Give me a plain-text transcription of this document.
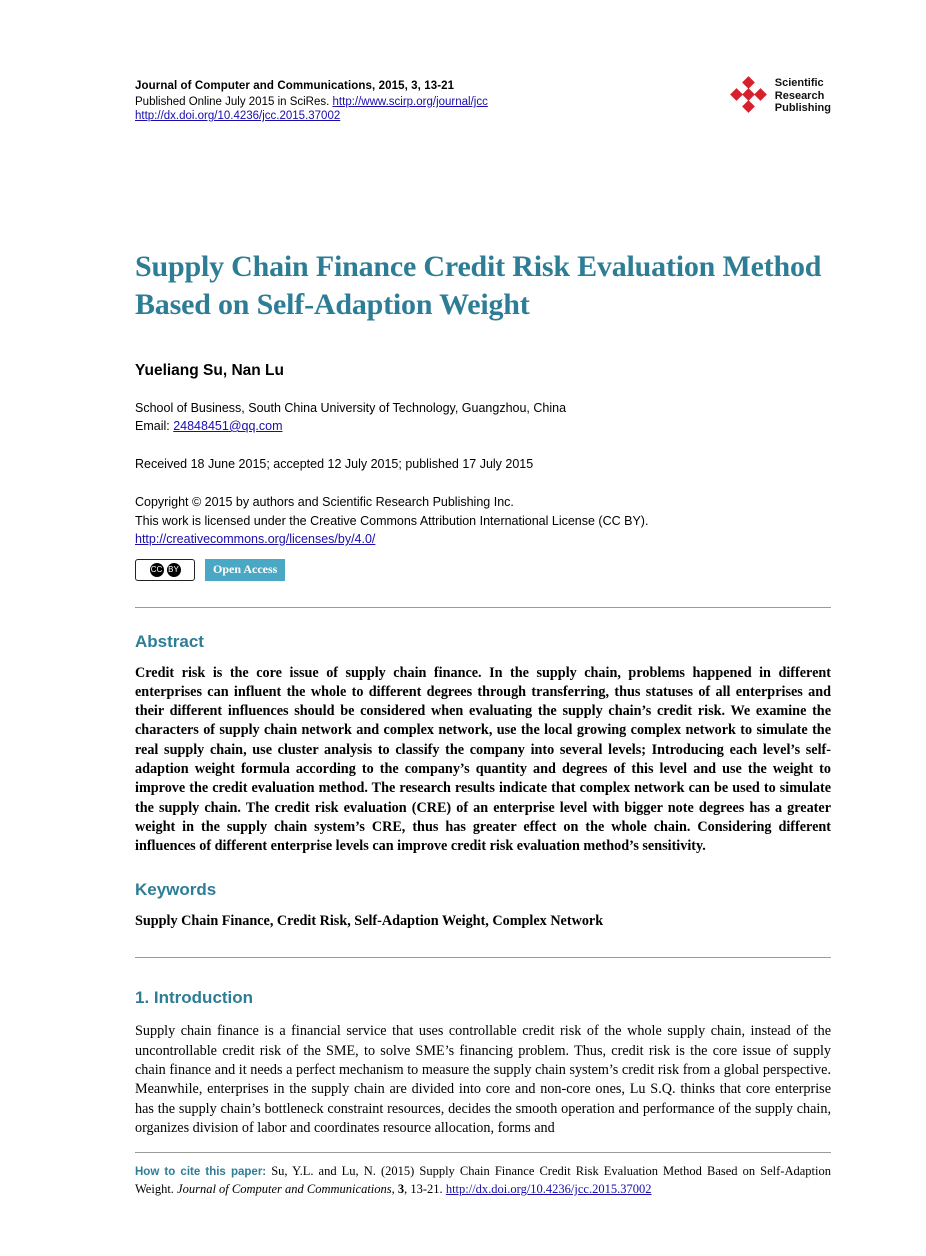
Journal of Computer and Communications, 2015, 3, 13-21

Published Online July 2015 in SciRes. http://www.scirp.org/journal/jcc

http://dx.doi.org/10.4236/jcc.2015.37002

Scientific
Research
Publishing
Supply Chain Finance Credit Risk Evaluation Method Based on Self-Adaption Weight

Yueliang Su, Nan Lu

School of Business, South China University of Technology, Guangzhou, China

Email: 24848451@qq.com

Received 18 June 2015; accepted 12 July 2015; published 17 July 2015

Copyright © 2015 by authors and Scientific Research Publishing Inc.
This work is licensed under the Creative Commons Attribution International License (CC BY).
http://creativecommons.org/licenses/by/4.0/
CC BY	Open Access
Abstract

Credit risk is the core issue of supply chain finance. In the supply chain, problems happened in different enterprises can influent the whole to different degrees through transferring, thus statuses of all enterprises and their different influences should be considered when evaluating the supply chain’s credit risk. We examine the characters of supply chain network and complex network, use the local growing complex network to simulate the real supply chain, use cluster analysis to classify the company into several levels; Introducing each level’s self-adaption weight formula according to the company’s quantity and degrees of this level and use the weight to improve the credit evaluation method. The research results indicate that complex network can be used to simulate the supply chain. The credit risk evaluation (CRE) of an enterprise level with bigger note degrees has a greater weight in the supply chain system’s CRE, thus has greater effect on the whole chain. Considering different influences of different enterprise levels can improve credit risk evaluation method’s sensitivity.

Keywords

Supply Chain Finance, Credit Risk, Self-Adaption Weight, Complex Network

1. Introduction

Supply chain finance is a financial service that uses controllable credit risk of the whole supply chain, instead of the uncontrollable credit risk of the SME, to solve SME’s financing problem. Thus, credit risk is the core issue of supply chain finance and it needs a perfect mechanism to measure the supply chain system’s credit risk from a global perspective. Meanwhile, enterprises in the supply chain are divided into core and non-core ones, Lu S.Q. thinks that core enterprise has the supply chain’s bottleneck constraint resources, decides the smooth operation and performance of the supply chain, organizes division of labor and coordinates resource allocation, forms and

How to cite this paper: Su, Y.L. and Lu, N. (2015) Supply Chain Finance Credit Risk Evaluation Method Based on Self-Adaption Weight. Journal of Computer and Communications, 3, 13-21. http://dx.doi.org/10.4236/jcc.2015.37002
